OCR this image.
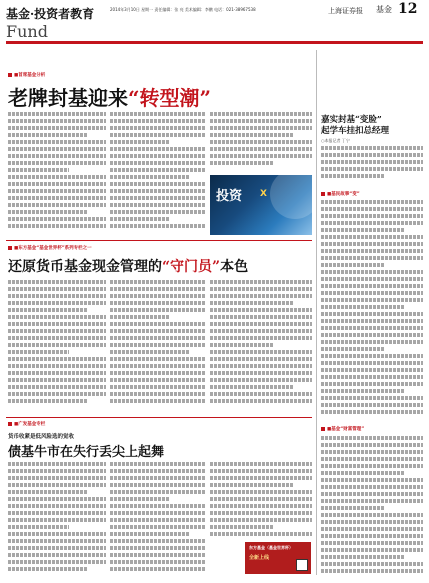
基金·投资者教育
Fund
2014年3月10日 星期一 责任编辑：张 亮 美术编辑：李鹏 电话：021-38967538	上海证券报 基金 12
■首席基金分析
老牌封基迎来“转型潮”
投资 X
嘉实封基“变脸”
起学车挂扣总经理
○本报记者 丁宁
■基民故事“变”
■基金“财富管理”
■东方基金“基金世界杯”系列专栏之一
还原货币基金现金管理的“守门员”本色
■广发基金专栏
货币收紧是低风险选的觉收
债基牛市在失行丢尖上起舞
东方基金（基金世界杯）
全新上线
